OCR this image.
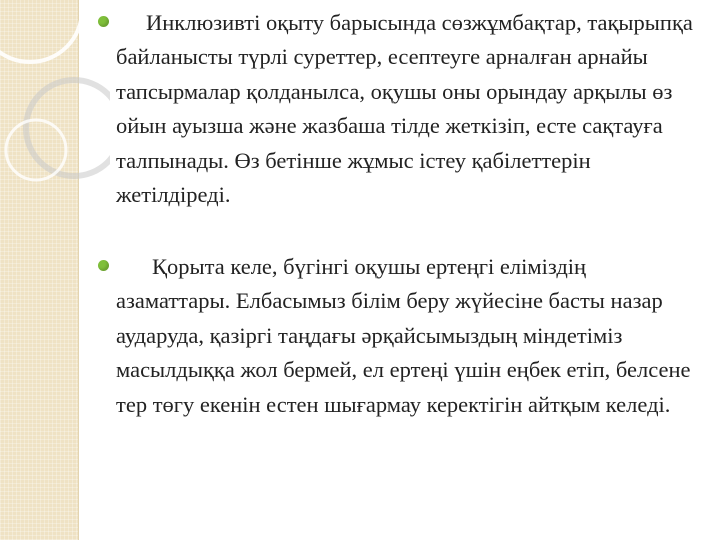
Инклюзивті оқыту барысында сөзжұмбақтар, тақырыпқа байланысты түрлі суреттер, есептеуге арналған арнайы тапсырмалар қолданылса, оқушы оны орындау арқылы өз ойын ауызша және жазбаша тілде жеткізіп, есте сақтауға талпынады. Өз бетінше жұмыс істеу қабілеттерін жетілдіреді.
Қорыта келе, бүгінгі оқушы ертеңгі еліміздің азаматтары. Елбасымыз білім беру жүйесіне басты назар аударуда, қазіргі таңдағы әрқайсымыздың міндетіміз масылдыққа жол бермей, ел ертеңі үшін еңбек етіп, белсене тер төгу екенін естен шығармау керектігін айтқым келеді.
